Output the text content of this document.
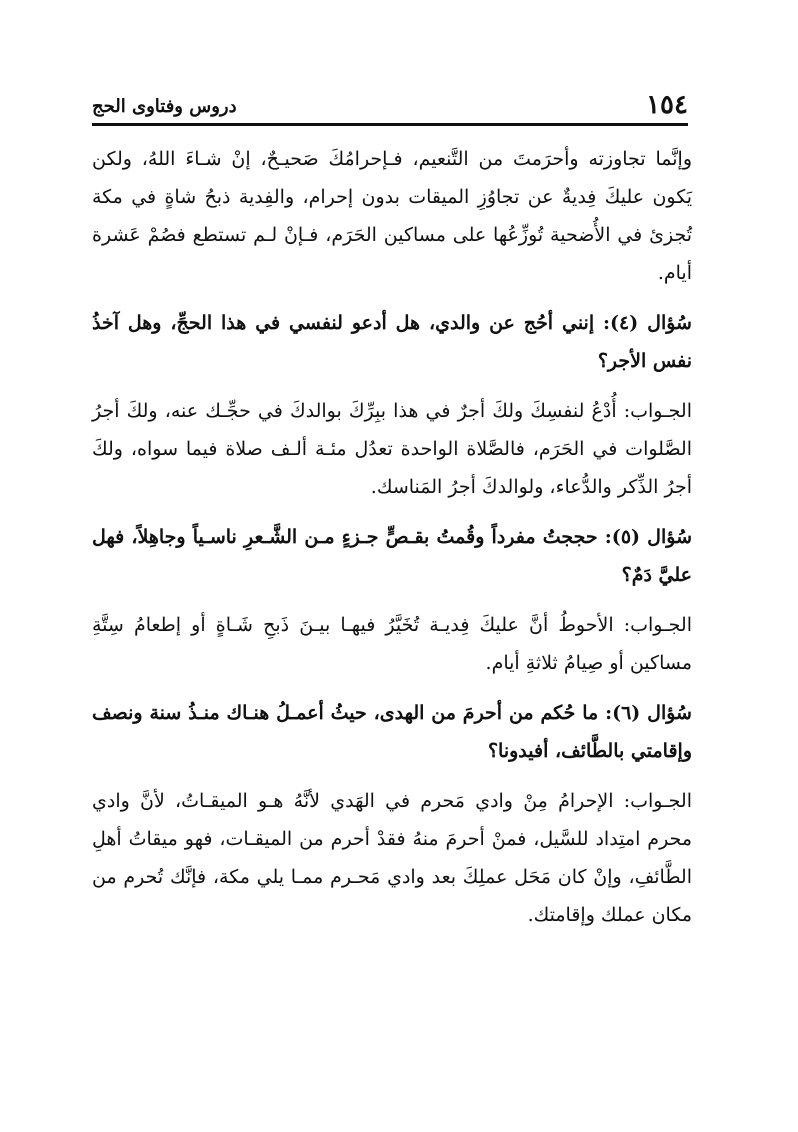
١٥٤
دروس وفتاوى الحج

وإنَّما تجاوزته وأحرَمتَ من التَّنعيم، فـإحرامُكَ صَحيـحٌ، إنْ شـاءَ اللهُ، ولكن يَكون عليكَ فِديةٌ عن تجاوُزِ الميقات بدون إحرام، والفِدية ذبحُ شاةٍ في مكة تُجزئ في الأُضحية تُوزِّعُها على مساكين الحَرَم، فـإنْ لـم تستطع فصُمْ عَشرة أيام.

سُؤال (٤): إنني أحُج عن والدي، هل أدعو لنفسي في هذا الحجِّ، وهل آخذُ نفس الأجر؟

الجـواب: أُدْعُ لنفسِكَ ولكَ أجرٌ في هذا ببِرِّكَ بوالدكَ في حجِّـك عنه، ولكَ أجرُ الصَّلوات في الحَرَم، فالصَّلاة الواحدة تعدُل مئـة ألـف صلاة فيما سواه، ولكَ أجرُ الذِّكر والدُّعاء، ولوالدكَ أجرُ المَناسك.

سُؤال (٥): حججتُ مفرداً وقُمتُ بقـصٍّ جـزءٍ مـن الشَّـعرِ ناسـياً وجاهِلاً، فهل عليَّ دَمٌ؟

الجـواب: الأحوطُ أنَّ عليكَ فِديـة تُخَيَّرُ فيهـا بيـنَ ذَبحِ شَـاةٍ أو إطعامُ سِتَّةِ مساكين أو صِيامُ ثلاثةِ أيام.

سُؤال (٦): ما حُكم من أحرمَ من الهدى، حيثُ أعمـلُ هنـاك منـذُ سنة ونصف وإقامتي بالطَّائف، أفيدونا؟

الجـواب: الإحرامُ مِنْ وادي مَحرم في الهَدي لأنَّهُ هـو الميقـاتُ، لأنَّ وادي محرم امتِداد للسَّيل، فمنْ أحرمَ منهُ فقدْ أحرم من الميقـات، فهو ميقاتُ أهلِ الطَّائفِ، وإنْ كان مَحَل عملِكَ بعد وادي مَحـرم ممـا يلي مكة، فإنَّك تُحرم من مكان عملك وإقامتك.
